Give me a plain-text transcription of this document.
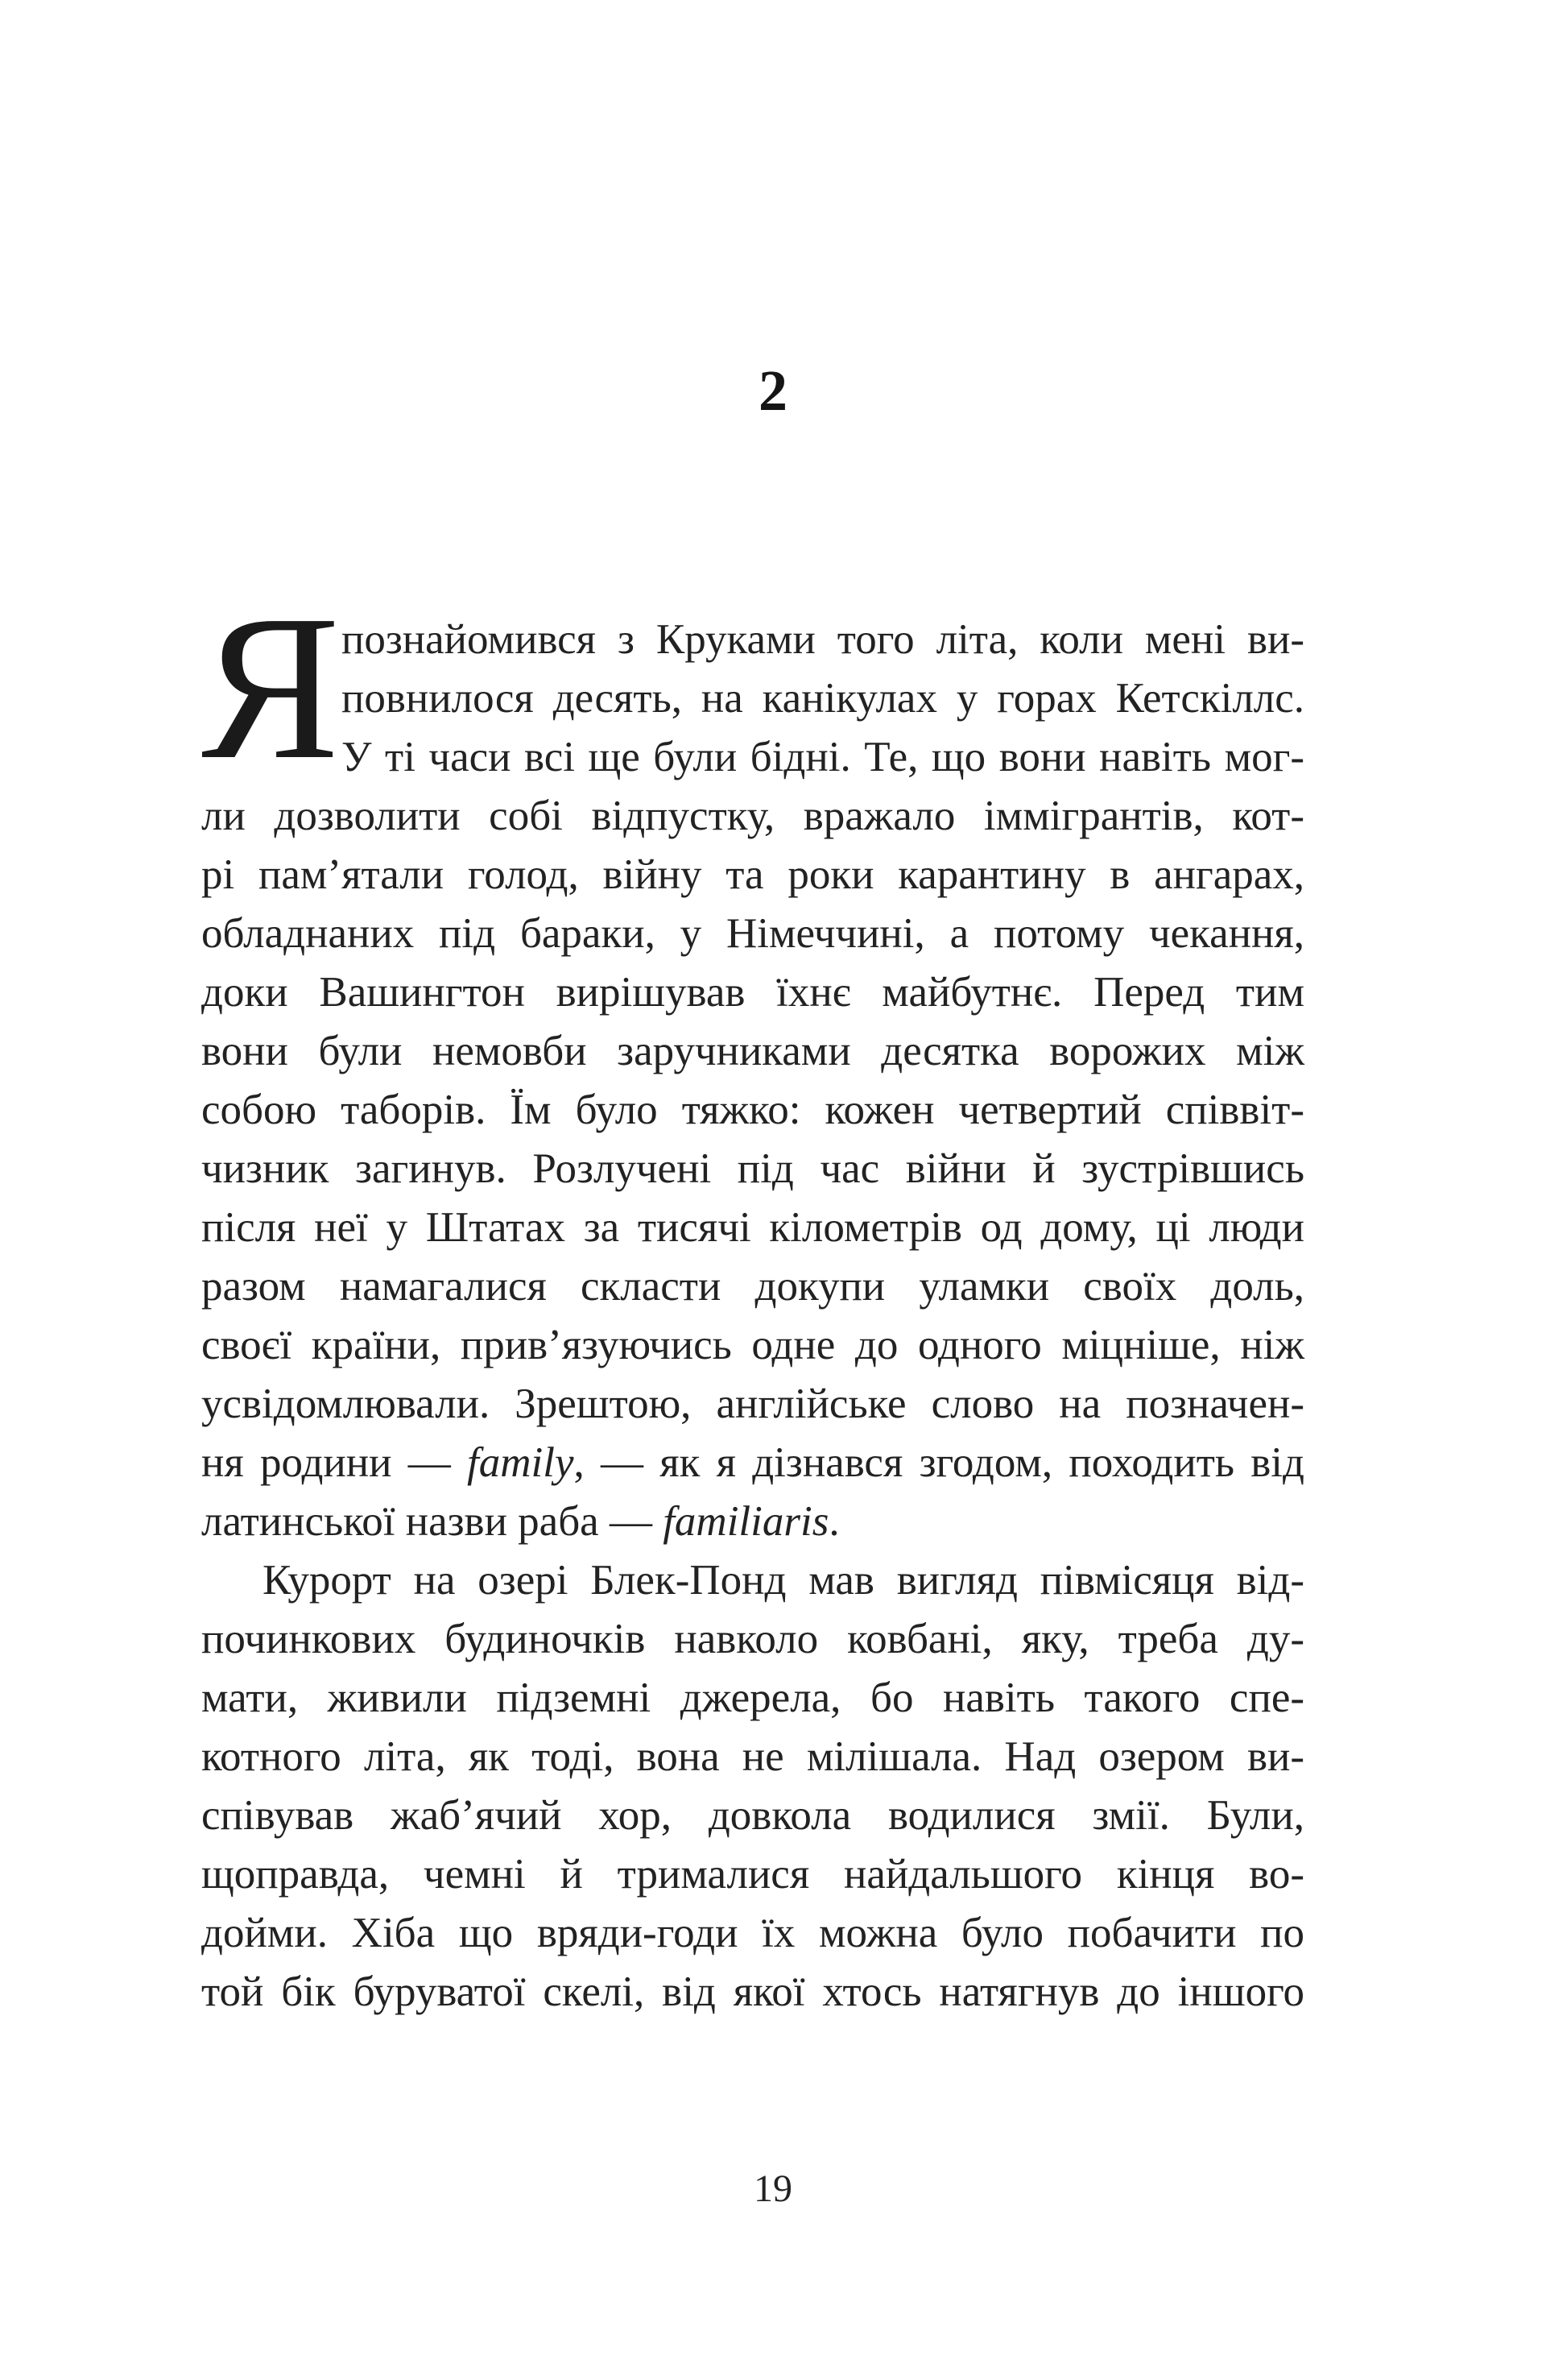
2
Я познайомився з Круками того літа, коли мені ви-
повнилося десять, на канікулах у горах Кетскіллс.
У ті часи всі ще були бідні. Те, що вони навіть мог-
ли дозволити собі відпустку, вражало іммігрантів, кот-
рі пам’ятали голод, війну та роки карантину в ангарах,
обладнаних під бараки, у Німеччині, а потому чекання,
доки Вашингтон вирішував їхнє майбутнє. Перед тим
вони були немовби заручниками десятка ворожих між
собою таборів. Їм було тяжко: кожен четвертий співвіт-
чизник загинув. Розлучені під час війни й зустрівшись
після неї у Штатах за тисячі кілометрів од дому, ці люди
разом намагалися скласти докупи уламки своїх доль,
своєї країни, прив’язуючись одне до одного міцніше, ніж
усвідомлювали. Зрештою, англійське слово на позначен-
ня родини — family, — як я дізнався згодом, походить від
латинської назви раба — familiaris.
Курорт на озері Блек-Понд мав вигляд півмісяця від-
починкових будиночків навколо ковбані, яку, треба ду-
мати, живили підземні джерела, бо навіть такого спе-
котного літа, як тоді, вона не мілішала. Над озером ви-
співував жаб’ячий хор, довкола водилися змії. Були,
щоправда, чемні й трималися найдальшого кінця во-
дойми. Хіба що вряди-годи їх можна було побачити по
той бік буруватої скелі, від якої хтось натягнув до іншого
19
